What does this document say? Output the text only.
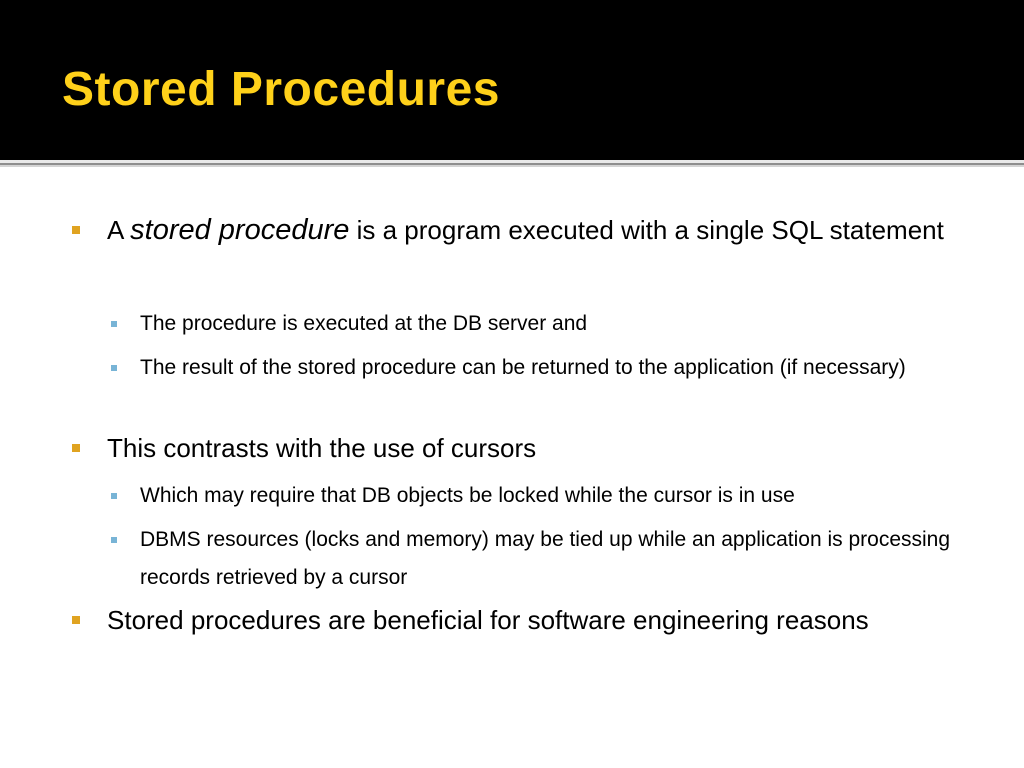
Stored Procedures
A stored procedure is a program executed with a single SQL statement
The procedure is executed at the DB server and
The result of the stored procedure can be returned to the application (if necessary)
This contrasts with the use of cursors
Which may require that DB objects be locked while the cursor is in use
DBMS resources (locks and memory) may be tied up while an application is processing records retrieved by a cursor
Stored procedures are beneficial for software engineering reasons
